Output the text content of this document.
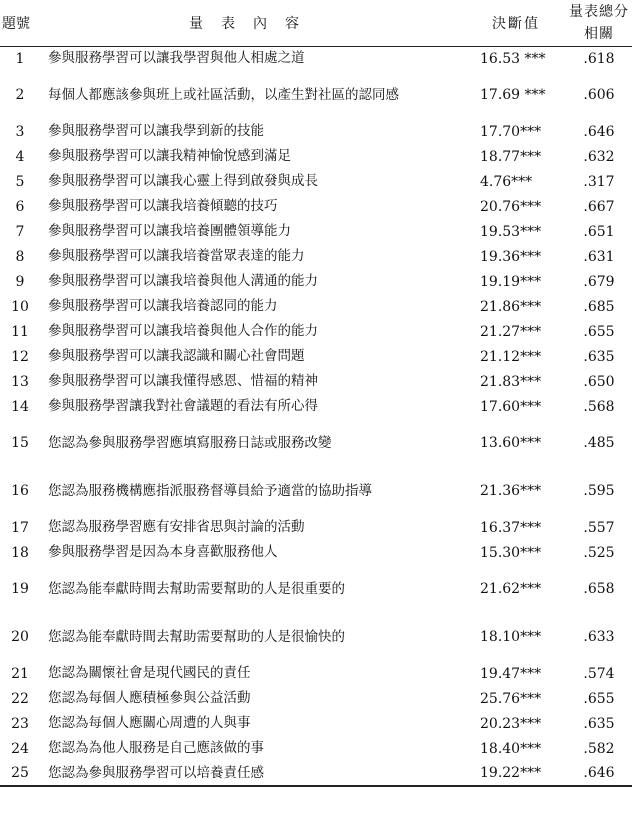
題號	量表內容	決斷值	量表總分相關
1	參與服務學習可以讓我學習與他人相處之道	16.53 ***	.618
2	每個人都應該參與班上或社區活動，以產生對社區的認同感	17.69 ***	.606
3	參與服務學習可以讓我學到新的技能	17.70***	.646
4	參與服務學習可以讓我精神愉悅感到滿足	18.77***	.632
5	參與服務學習可以讓我心靈上得到啟發與成長	4.76***	.317
6	參與服務學習可以讓我培養傾聽的技巧	20.76***	.667
7	參與服務學習可以讓我培養團體領導能力	19.53***	.651
8	參與服務學習可以讓我培養當眾表達的能力	19.36***	.631
9	參與服務學習可以讓我培養與他人溝通的能力	19.19***	.679
10	參與服務學習可以讓我培養認同的能力	21.86***	.685
11	參與服務學習可以讓我培養與他人合作的能力	21.27***	.655
12	參與服務學習可以讓我認識和關心社會問題	21.12***	.635
13	參與服務學習可以讓我懂得感恩、惜福的精神	21.83***	.650
14	參與服務學習讓我對社會議題的看法有所心得	17.60***	.568
15	您認為參與服務學習應填寫服務日誌或服務改變	13.60***	.485
16	您認為服務機構應指派服務督導員給予適當的協助指導	21.36***	.595
17	您認為服務學習應有安排省思與討論的活動	16.37***	.557
18	參與服務學習是因為本身喜歡服務他人	15.30***	.525
19	您認為能奉獻時間去幫助需要幫助的人是很重要的	21.62***	.658
20	您認為能奉獻時間去幫助需要幫助的人是很愉快的	18.10***	.633
21	您認為關懷社會是現代國民的責任	19.47***	.574
22	您認為每個人應積極參與公益活動	25.76***	.655
23	您認為每個人應關心周遭的人與事	20.23***	.635
24	您認為為他人服務是自己應該做的事	18.40***	.582
25	您認為參與服務學習可以培養責任感	19.22***	.646
